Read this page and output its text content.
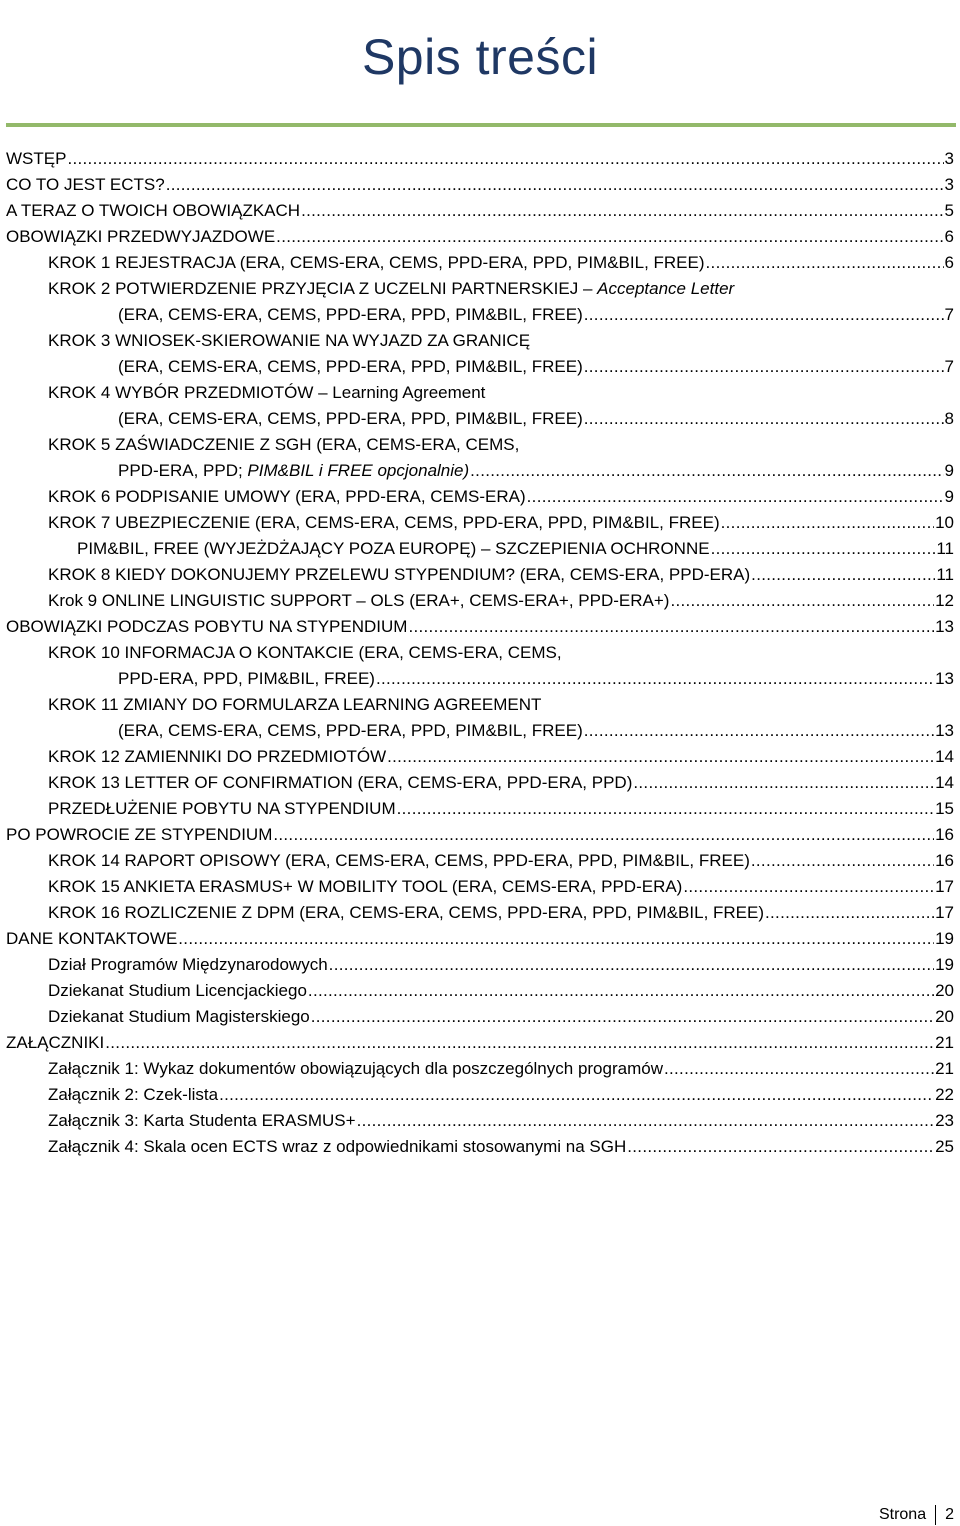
Spis treści
WSTĘP .....	3
CO TO JEST ECTS? .....	3
A TERAZ O TWOICH OBOWIĄZKACH .....	5
OBOWIĄZKI PRZEDWYJAZDOWE .....	6
KROK 1 REJESTRACJA (ERA, CEMS-ERA, CEMS, PPD-ERA, PPD, PIM&BIL, FREE) .....	6
KROK 2 POTWIERDZENIE PRZYJĘCIA Z UCZELNI PARTNERSKIEJ – Acceptance Letter
(ERA, CEMS-ERA, CEMS, PPD-ERA, PPD, PIM&BIL, FREE) .....	7
KROK 3 WNIOSEK-SKIEROWANIE NA WYJAZD ZA GRANICĘ
(ERA, CEMS-ERA, CEMS, PPD-ERA, PPD, PIM&BIL, FREE) .....	7
KROK 4 WYBÓR PRZEDMIOTÓW – Learning Agreement
(ERA, CEMS-ERA, CEMS, PPD-ERA, PPD, PIM&BIL, FREE) .....	8
KROK 5 ZAŚWIADCZENIE Z SGH (ERA, CEMS-ERA, CEMS,
PPD-ERA, PPD; PIM&BIL i FREE opcjonalnie) .....	9
KROK 6 PODPISANIE UMOWY (ERA, PPD-ERA, CEMS-ERA) .....	9
KROK 7 UBEZPIECZENIE (ERA, CEMS-ERA, CEMS, PPD-ERA, PPD, PIM&BIL, FREE) .....	10
PIM&BIL, FREE (WYJEŻDŻAJĄCY POZA EUROPĘ) – SZCZEPIENIA OCHRONNE .....	11
KROK 8 KIEDY DOKONUJEMY PRZELEWU STYPENDIUM? (ERA, CEMS-ERA, PPD-ERA) .....	11
Krok 9 ONLINE LINGUISTIC SUPPORT – OLS (ERA+, CEMS-ERA+, PPD-ERA+) .....	12
OBOWIĄZKI PODCZAS POBYTU NA STYPENDIUM .....	13
KROK 10 INFORMACJA O KONTAKCIE (ERA, CEMS-ERA, CEMS,
PPD-ERA, PPD, PIM&BIL, FREE) .....	13
KROK 11 ZMIANY DO FORMULARZA LEARNING AGREEMENT
(ERA, CEMS-ERA, CEMS, PPD-ERA, PPD, PIM&BIL, FREE) .....	13
KROK 12 ZAMIENNIKI DO PRZEDMIOTÓW .....	14
KROK 13 LETTER OF CONFIRMATION (ERA, CEMS-ERA, PPD-ERA, PPD) .....	14
PRZEDŁUŻENIE POBYTU NA STYPENDIUM .....	15
PO POWROCIE ZE STYPENDIUM .....	16
KROK 14 RAPORT OPISOWY (ERA, CEMS-ERA, CEMS, PPD-ERA, PPD, PIM&BIL, FREE) .....	16
KROK 15 ANKIETA ERASMUS+ W MOBILITY TOOL (ERA, CEMS-ERA, PPD-ERA) .....	17
KROK 16 ROZLICZENIE Z DPM (ERA, CEMS-ERA, CEMS, PPD-ERA, PPD, PIM&BIL, FREE) .....	17
DANE KONTAKTOWE .....	19
Dział Programów Międzynarodowych .....	19
Dziekanat Studium Licencjackiego .....	20
Dziekanat Studium Magisterskiego .....	20
ZAŁĄCZNIKI .....	21
Załącznik 1: Wykaz dokumentów obowiązujących dla poszczególnych programów .....	21
Załącznik 2: Czek-lista .....	22
Załącznik 3: Karta Studenta ERASMUS+ .....	23
Załącznik 4: Skala ocen ECTS wraz z odpowiednikami stosowanymi na SGH .....	25
Strona 2
